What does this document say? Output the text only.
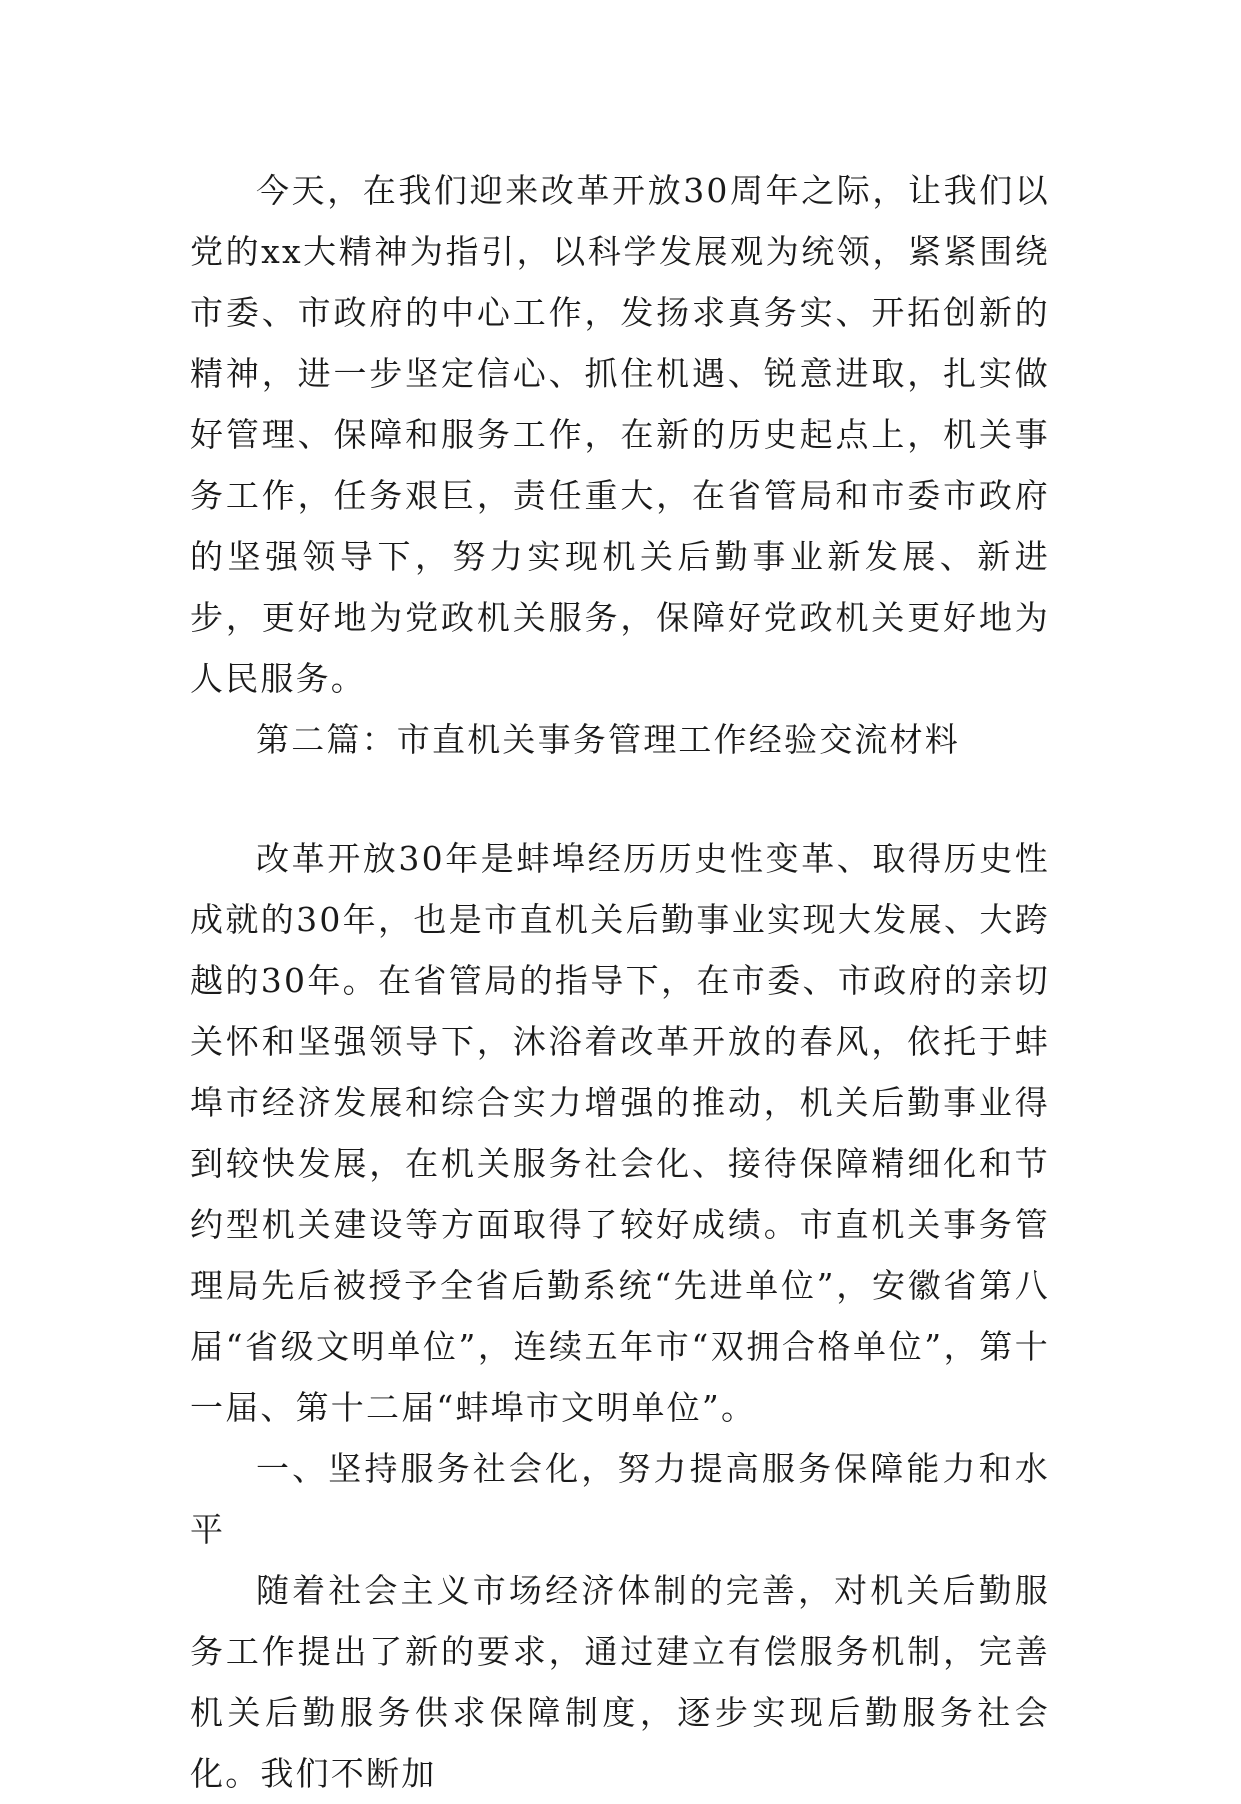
今天，在我们迎来改革开放30周年之际，让我们以党的xx大精神为指引，以科学发展观为统领，紧紧围绕市委、市政府的中心工作，发扬求真务实、开拓创新的精神，进一步坚定信心、抓住机遇、锐意进取，扎实做好管理、保障和服务工作，在新的历史起点上，机关事务工作，任务艰巨，责任重大，在省管局和市委市政府的坚强领导下，努力实现机关后勤事业新发展、新进步，更好地为党政机关服务，保障好党政机关更好地为人民服务。

第二篇：市直机关事务管理工作经验交流材料

改革开放30年是蚌埠经历历史性变革、取得历史性成就的30年，也是市直机关后勤事业实现大发展、大跨越的30年。在省管局的指导下，在市委、市政府的亲切关怀和坚强领导下，沐浴着改革开放的春风，依托于蚌埠市经济发展和综合实力增强的推动，机关后勤事业得到较快发展，在机关服务社会化、接待保障精细化和节约型机关建设等方面取得了较好成绩。市直机关事务管理局先后被授予全省后勤系统“先进单位”，安徽省第八届“省级文明单位”，连续五年市“双拥合格单位”，第十一届、第十二届“蚌埠市文明单位”。

一、坚持服务社会化，努力提高服务保障能力和水平

随着社会主义市场经济体制的完善，对机关后勤服务工作提出了新的要求，通过建立有偿服务机制，完善机关后勤服务供求保障制度，逐步实现后勤服务社会化。我们不断加
